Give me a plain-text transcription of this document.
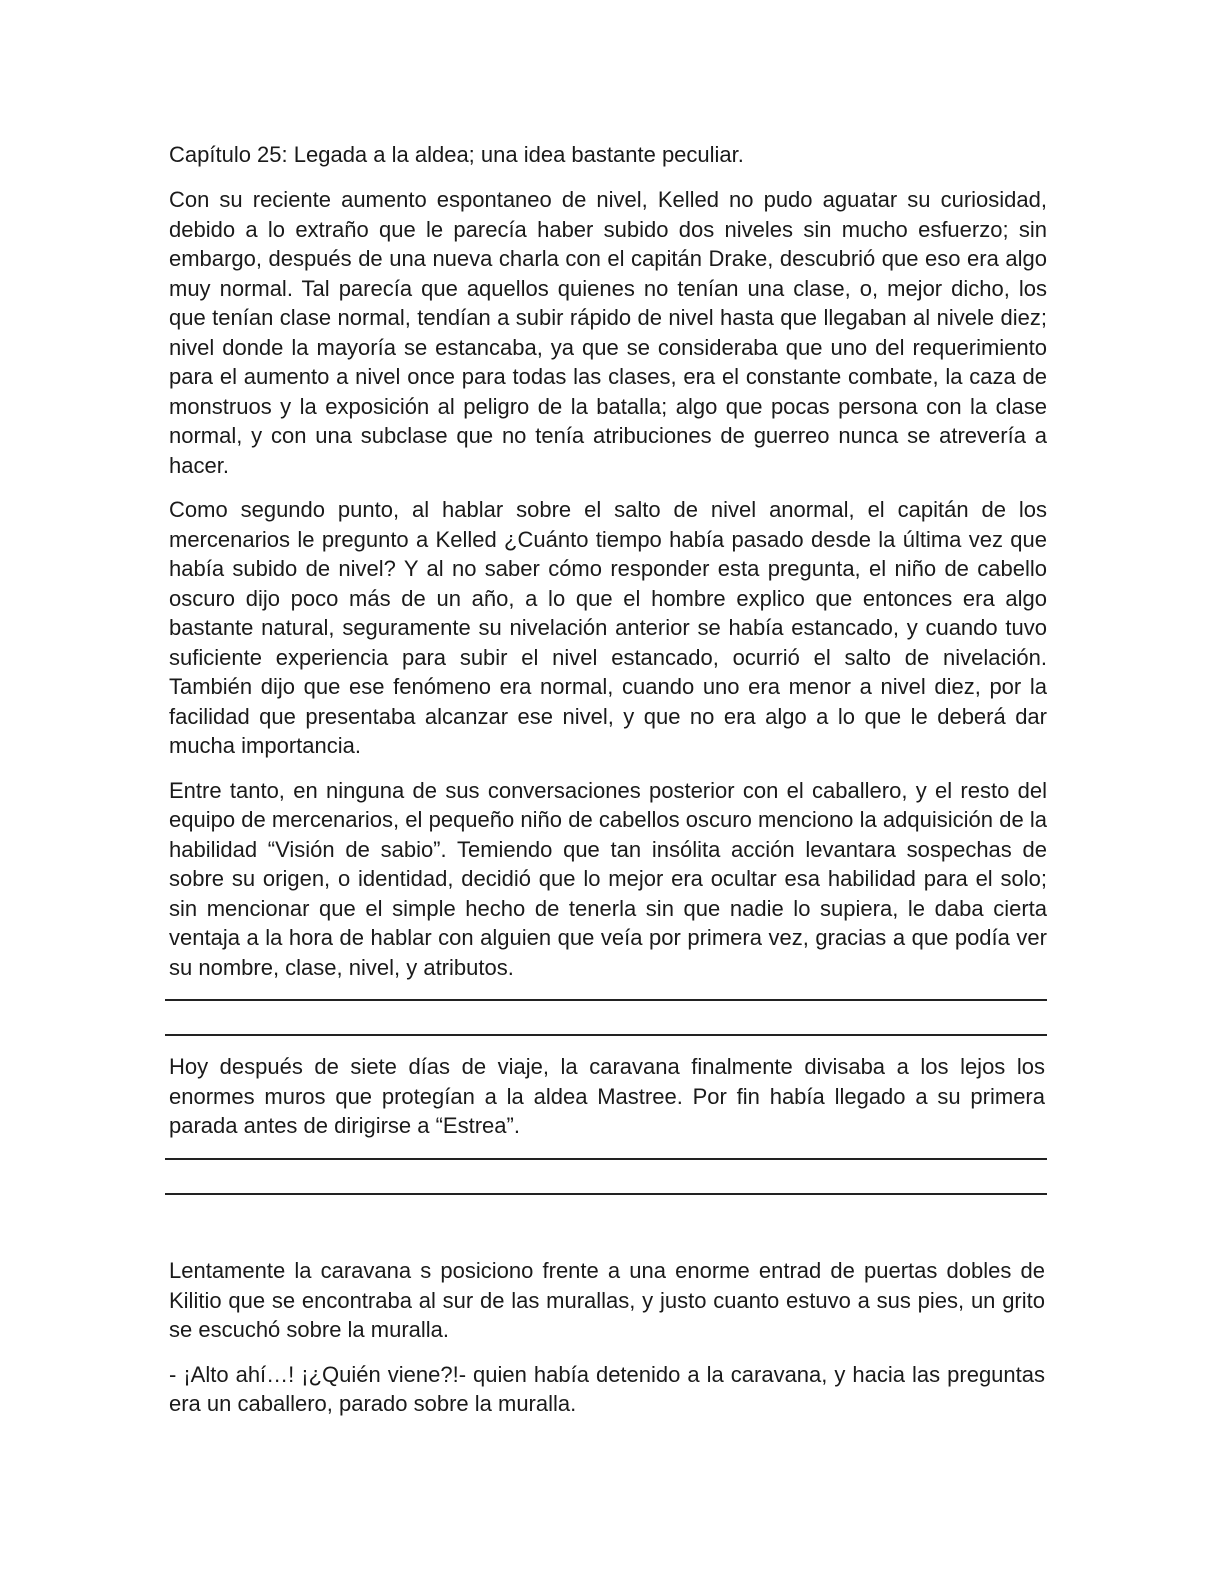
Capítulo 25: Legada a la aldea; una idea bastante peculiar.

Con su reciente aumento espontaneo de nivel, Kelled no pudo aguatar su curiosidad, debido a lo extraño que le parecía haber subido dos niveles sin mucho esfuerzo; sin embargo, después de una nueva charla con el capitán Drake, descubrió que eso era algo muy normal. Tal parecía que aquellos quienes no tenían una clase, o, mejor dicho, los que tenían clase normal, tendían a subir rápido de nivel hasta que llegaban al nivele diez; nivel donde la mayoría se estancaba, ya que se consideraba que uno del requerimiento para el aumento a nivel once para todas las clases, era el constante combate, la caza de monstruos y la exposición al peligro de la batalla; algo que pocas persona con la clase normal, y con una subclase que no tenía atribuciones de guerreo nunca se atrevería a hacer.

Como segundo punto, al hablar sobre el salto de nivel anormal, el capitán de los mercenarios le pregunto a Kelled ¿Cuánto tiempo había pasado desde la última vez que había subido de nivel? Y al no saber cómo responder esta pregunta, el niño de cabello oscuro dijo poco más de un año, a lo que el hombre explico que entonces era algo bastante natural, seguramente su nivelación anterior se había estancado, y cuando tuvo suficiente experiencia para subir el nivel estancado, ocurrió el salto de nivelación. También dijo que ese fenómeno era normal, cuando uno era menor a nivel diez, por la facilidad que presentaba alcanzar ese nivel, y que no era algo a lo que le deberá dar mucha importancia.

Entre tanto, en ninguna de sus conversaciones posterior con el caballero, y el resto del equipo de mercenarios, el pequeño niño de cabellos oscuro menciono la adquisición de la habilidad “Visión de sabio”. Temiendo que tan insólita acción levantara sospechas de sobre su origen, o identidad, decidió que lo mejor era ocultar esa habilidad para el solo; sin mencionar que el simple hecho de tenerla sin que nadie lo supiera, le daba cierta ventaja a la hora de hablar con alguien que veía por primera vez, gracias a que podía ver su nombre, clase, nivel, y atributos.

Hoy después de siete días de viaje, la caravana finalmente divisaba a los lejos los enormes muros que protegían a la aldea Mastree. Por fin había llegado a su primera parada antes de dirigirse a “Estrea”.

Lentamente la caravana s posiciono frente a una enorme entrad de puertas dobles de Kilitio que se encontraba al sur de las murallas, y justo cuanto estuvo a sus pies, un grito se escuchó sobre la muralla.

- ¡Alto ahí…! ¡¿Quién viene?!- quien había detenido a la caravana, y hacia las preguntas era un caballero, parado sobre la muralla.
